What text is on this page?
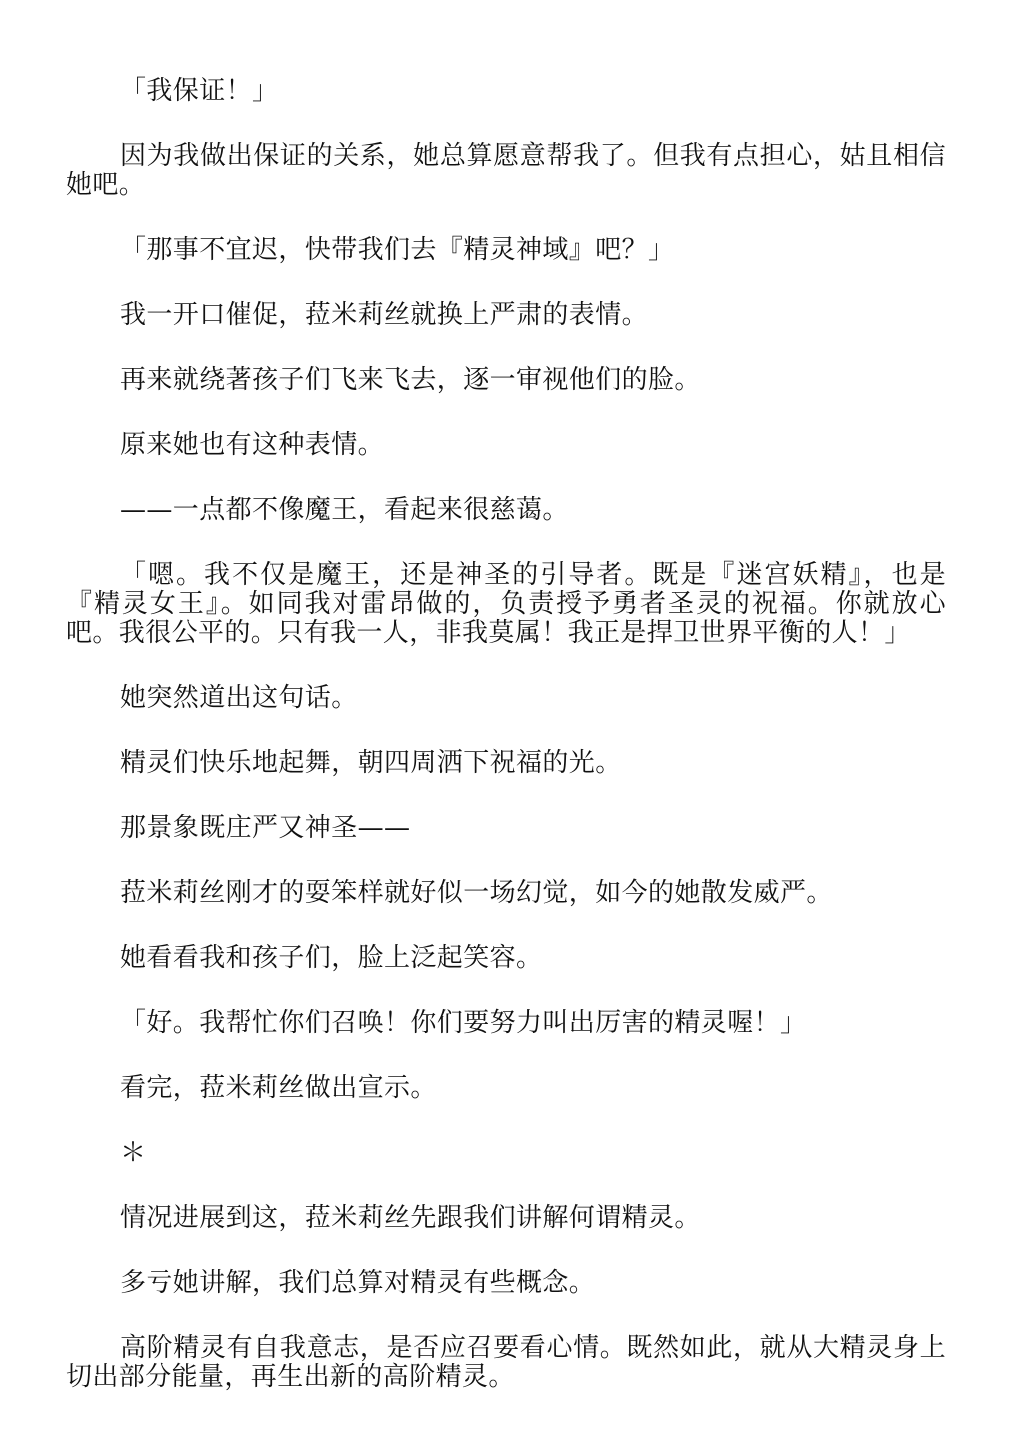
「我保证！」

因为我做出保证的关系，她总算愿意帮我了。但我有点担心，姑且相信她吧。

「那事不宜迟，快带我们去『精灵神域』吧？」

我一开口催促，菈米莉丝就换上严肃的表情。

再来就绕著孩子们飞来飞去，逐一审视他们的脸。

原来她也有这种表情。

——一点都不像魔王，看起来很慈蔼。

「嗯。我不仅是魔王，还是神圣的引导者。既是『迷宫妖精』，也是『精灵女王』。如同我对雷昂做的，负责授予勇者圣灵的祝福。你就放心吧。我很公平的。只有我一人，非我莫属！我正是捍卫世界平衡的人！」

她突然道出这句话。

精灵们快乐地起舞，朝四周洒下祝福的光。

那景象既庄严又神圣——

菈米莉丝刚才的耍笨样就好似一场幻觉，如今的她散发威严。

她看看我和孩子们，脸上泛起笑容。

「好。我帮忙你们召唤！你们要努力叫出厉害的精灵喔！」

看完，菈米莉丝做出宣示。

＊

情况进展到这，菈米莉丝先跟我们讲解何谓精灵。

多亏她讲解，我们总算对精灵有些概念。

高阶精灵有自我意志，是否应召要看心情。既然如此，就从大精灵身上切出部分能量，再生出新的高阶精灵。
